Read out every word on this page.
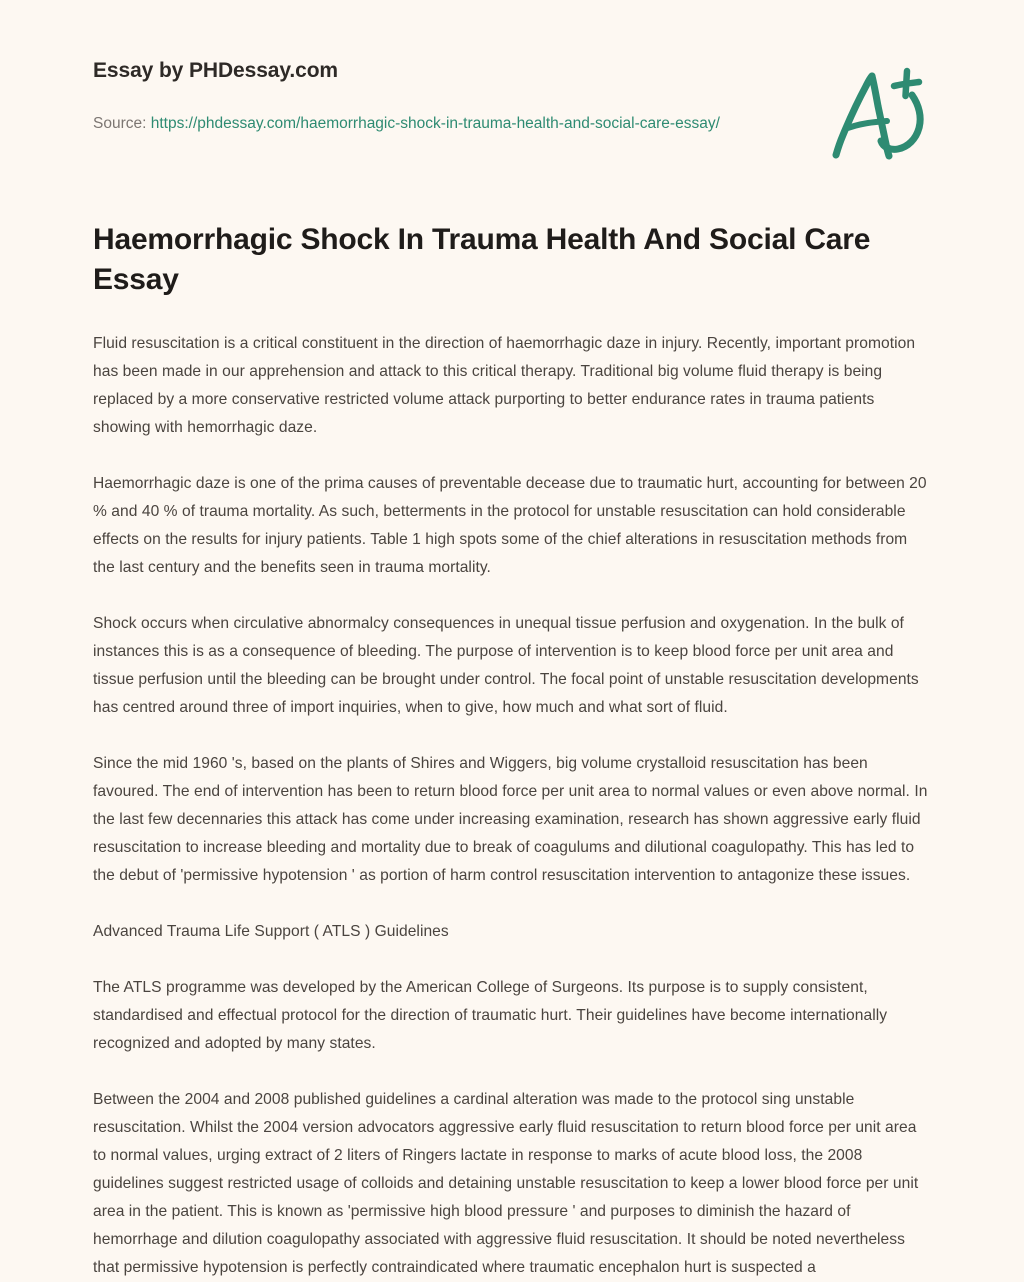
Essay by PHDessay.com
Source: https://phdessay.com/haemorrhagic-shock-in-trauma-health-and-social-care-essay/
Haemorrhagic Shock In Trauma Health And Social Care Essay

Fluid resuscitation is a critical constituent in the direction of haemorrhagic daze in injury. Recently, important promotion has been made in our apprehension and attack to this critical therapy. Traditional big volume fluid therapy is being replaced by a more conservative restricted volume attack purporting to better endurance rates in trauma patients showing with hemorrhagic daze.

Haemorrhagic daze is one of the prima causes of preventable decease due to traumatic hurt, accounting for between 20 % and 40 % of trauma mortality. As such, betterments in the protocol for unstable resuscitation can hold considerable effects on the results for injury patients. Table 1 high spots some of the chief alterations in resuscitation methods from the last century and the benefits seen in trauma mortality.

Shock occurs when circulative abnormalcy consequences in unequal tissue perfusion and oxygenation. In the bulk of instances this is as a consequence of bleeding. The purpose of intervention is to keep blood force per unit area and tissue perfusion until the bleeding can be brought under control. The focal point of unstable resuscitation developments has centred around three of import inquiries, when to give, how much and what sort of fluid.

Since the mid 1960 's, based on the plants of Shires and Wiggers, big volume crystalloid resuscitation has been favoured. The end of intervention has been to return blood force per unit area to normal values or even above normal. In the last few decennaries this attack has come under increasing examination, research has shown aggressive early fluid resuscitation to increase bleeding and mortality due to break of coagulums and dilutional coagulopathy. This has led to the debut of 'permissive hypotension ' as portion of harm control resuscitation intervention to antagonize these issues.

Advanced Trauma Life Support ( ATLS ) Guidelines

The ATLS programme was developed by the American College of Surgeons. Its purpose is to supply consistent, standardised and effectual protocol for the direction of traumatic hurt. Their guidelines have become internationally recognized and adopted by many states.

Between the 2004 and 2008 published guidelines a cardinal alteration was made to the protocol sing unstable resuscitation. Whilst the 2004 version advocators aggressive early fluid resuscitation to return blood force per unit area to normal values, urging extract of 2 liters of Ringers lactate in response to marks of acute blood loss, the 2008 guidelines suggest restricted usage of colloids and detaining unstable resuscitation to keep a lower blood force per unit area in the patient. This is known as 'permissive high blood pressure ' and purposes to diminish the hazard of hemorrhage and dilution coagulopathy associated with aggressive fluid resuscitation. It should be noted nevertheless that permissive hypotension is perfectly contraindicated where traumatic encephalon hurt is suspected a
